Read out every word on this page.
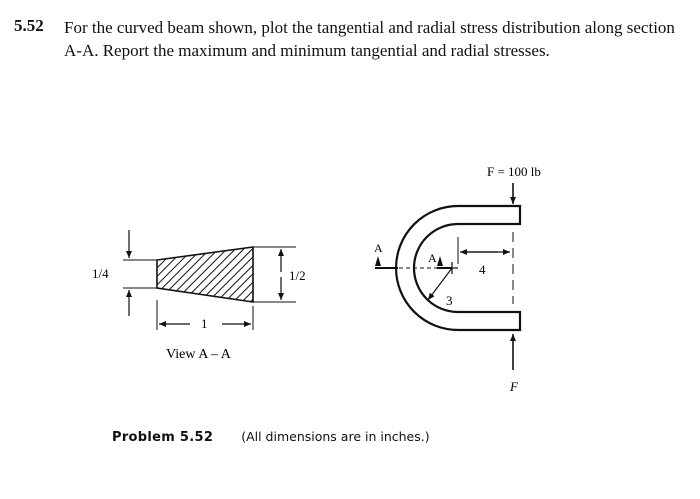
5.52 For the curved beam shown, plot the tangential and radial stress distribution along section A-A. Report the maximum and minimum tangential and radial stresses.
1/4	1/2
1
View A – A
A
A
4
3
F = 100 lb
F
Problem 5.52 (All dimensions are in inches.)
